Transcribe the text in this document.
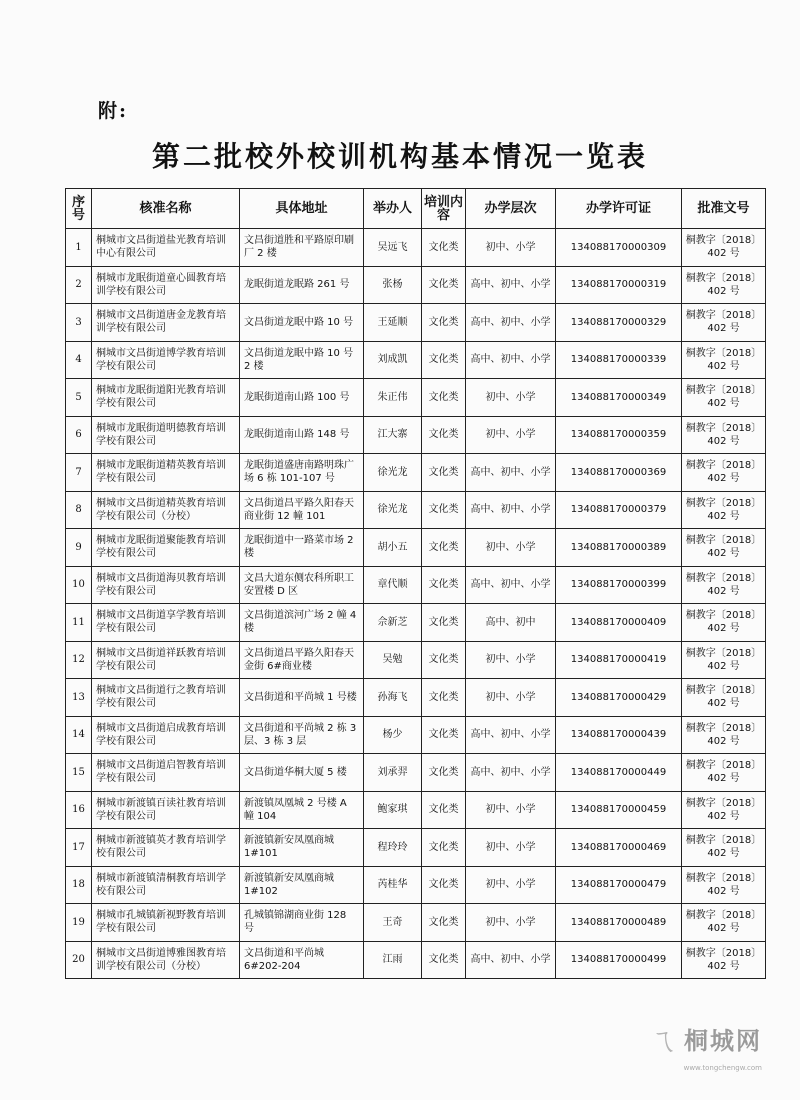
附:
第二批校外校训机构基本情况一览表
序号	核准名称	具体地址	举办人	培训内容	办学层次	办学许可证	批准文号
1	桐城市文昌街道盐光教育培训中心有限公司	文昌街道胜和平路原印刷厂 2 楼	吴远飞	文化类	初中、小学	134088170000309	桐教字〔2018〕402 号
2	桐城市龙眠街道童心圆教育培训学校有限公司	龙眠街道龙眠路 261 号	张杨	文化类	高中、初中、小学	134088170000319	桐教字〔2018〕402 号
3	桐城市文昌街道唐金龙教育培训学校有限公司	文昌街道龙眠中路 10 号	王延顺	文化类	高中、初中、小学	134088170000329	桐教字〔2018〕402 号
4	桐城市文昌街道博学教育培训学校有限公司	文昌街道龙眠中路 10 号 2 楼	刘成凯	文化类	高中、初中、小学	134088170000339	桐教字〔2018〕402 号
5	桐城市龙眠街道阳光教育培训学校有限公司	龙眠街道南山路 100 号	朱正伟	文化类	初中、小学	134088170000349	桐教字〔2018〕402 号
6	桐城市龙眠街道明德教育培训学校有限公司	龙眠街道南山路 148 号	江大寨	文化类	初中、小学	134088170000359	桐教字〔2018〕402 号
7	桐城市龙眠街道精英教育培训学校有限公司	龙眠街道盛唐南路明珠广场 6 栋 101-107 号	徐光龙	文化类	高中、初中、小学	134088170000369	桐教字〔2018〕402 号
8	桐城市文昌街道精英教育培训学校有限公司（分校）	文昌街道昌平路久阳春天商业街 12 幢 101	徐光龙	文化类	高中、初中、小学	134088170000379	桐教字〔2018〕402 号
9	桐城市龙眠街道聚能教育培训学校有限公司	龙眠街道中一路菜市场 2 楼	胡小五	文化类	初中、小学	134088170000389	桐教字〔2018〕402 号
10	桐城市文昌街道海贝教育培训学校有限公司	文昌大道东侧农科所职工安置楼 D 区	章代顺	文化类	高中、初中、小学	134088170000399	桐教字〔2018〕402 号
11	桐城市文昌街道享学教育培训学校有限公司	文昌街道滨河广场 2 幢 4 楼	佘新芝	文化类	高中、初中	134088170000409	桐教字〔2018〕402 号
12	桐城市文昌街道祥跃教育培训学校有限公司	文昌街道昌平路久阳春天金街 6#商业楼	吴勉	文化类	初中、小学	134088170000419	桐教字〔2018〕402 号
13	桐城市文昌街道行之教育培训学校有限公司	文昌街道和平尚城 1 号楼	孙海飞	文化类	初中、小学	134088170000429	桐教字〔2018〕402 号
14	桐城市文昌街道启成教育培训学校有限公司	文昌街道和平尚城 2 栋 3 层、3 栋 3 层	杨少	文化类	高中、初中、小学	134088170000439	桐教字〔2018〕402 号
15	桐城市文昌街道启智教育培训学校有限公司	文昌街道华桐大厦 5 楼	刘承羿	文化类	高中、初中、小学	134088170000449	桐教字〔2018〕402 号
16	桐城市新渡镇百读社教育培训学校有限公司	新渡镇凤凰城 2 号楼 A 幢 104	鲍家琪	文化类	初中、小学	134088170000459	桐教字〔2018〕402 号
17	桐城市新渡镇英才教育培训学校有限公司	新渡镇新安凤凰商城 1#101	程玲玲	文化类	初中、小学	134088170000469	桐教字〔2018〕402 号
18	桐城市新渡镇清桐教育培训学校有限公司	新渡镇新安凤凰商城 1#102	芮桂华	文化类	初中、小学	134088170000479	桐教字〔2018〕402 号
19	桐城市孔城镇新视野教育培训学校有限公司	孔城镇锦湖商业街 128 号	王奇	文化类	初中、小学	134088170000489	桐教字〔2018〕402 号
20	桐城市文昌街道博雅图教育培训学校有限公司（分校）	文昌街道和平尚城 6#202-204	江雨	文化类	高中、初中、小学	134088170000499	桐教字〔2018〕402 号
ㄟ 桐城网
www.tongchengw.com
